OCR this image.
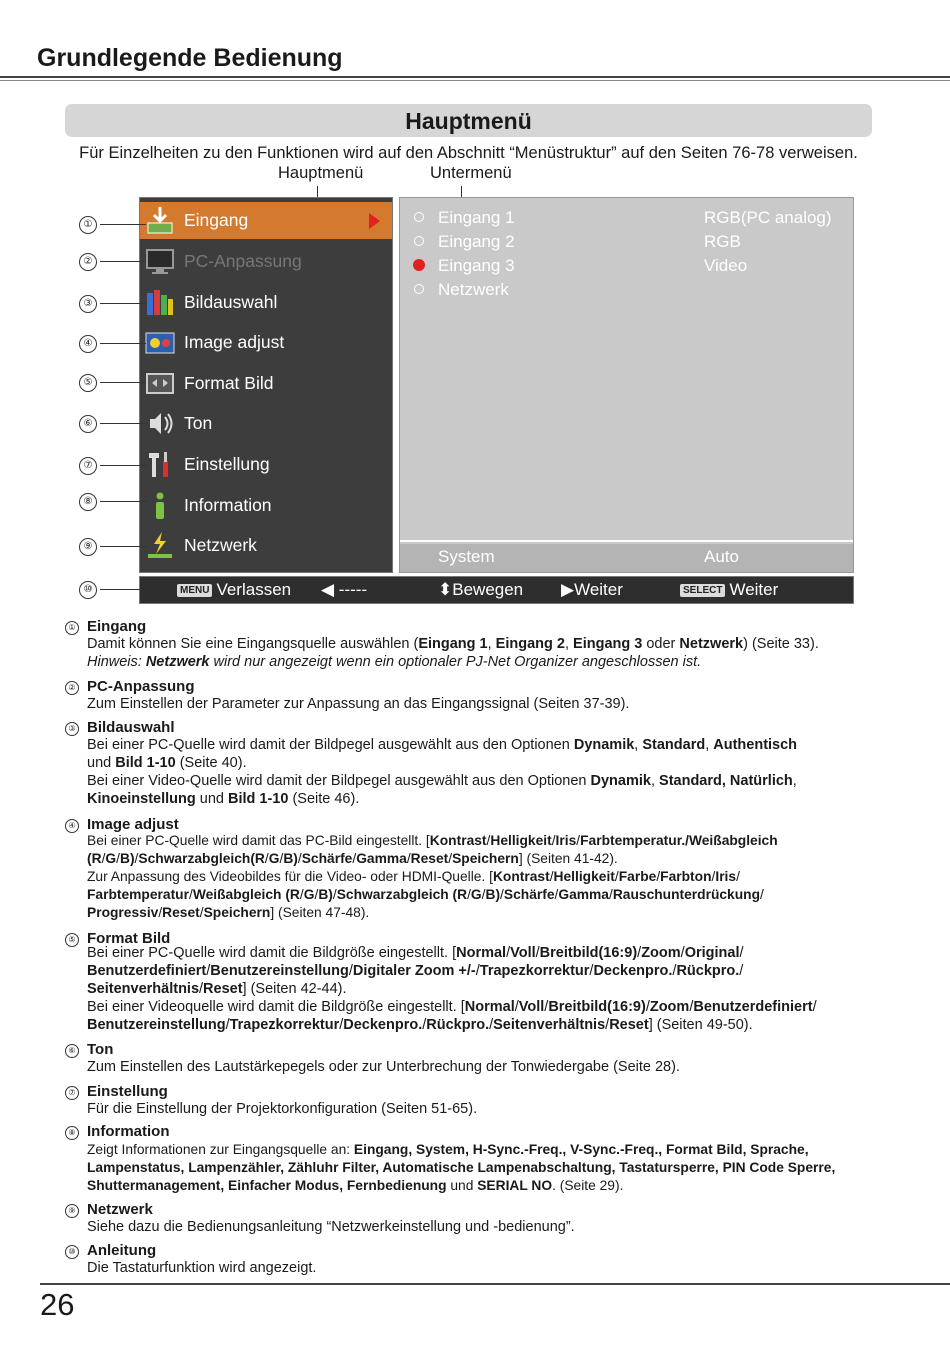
Grundlegende Bedienung
Hauptmenü
Für Einzelheiten zu den Funktionen wird auf den Abschnitt “Menüstruktur” auf den Seiten 76-78 verweisen.
Hauptmenü	Untermenü
Eingang
PC-Anpassung
Bildauswahl
Image adjust
Format Bild
Ton
Einstellung
Information
Netzwerk
Eingang 1	RGB(PC analog)
Eingang 2	RGB
Eingang 3	Video
Netzwerk
System	Auto
MENU Verlassen ◀ -----	⬍Bewegen ▶Weiter	SELECT Weiter
①
②
③
④
⑤
⑥
⑦
⑧
⑨
⑩
① Eingang
Damit können Sie eine Eingangsquelle auswählen (Eingang 1, Eingang 2, Eingang 3 oder Netzwerk) (Seite 33).
Hinweis: Netzwerk wird nur angezeigt wenn ein optionaler PJ-Net Organizer angeschlossen ist.
② PC-Anpassung
Zum Einstellen der Parameter zur Anpassung an das Eingangssignal (Seiten 37-39).
③ Bildauswahl
Bei einer PC-Quelle wird damit der Bildpegel ausgewählt aus den Optionen Dynamik, Standard, Authentisch
und Bild 1-10 (Seite 40).
Bei einer Video-Quelle wird damit der Bildpegel ausgewählt aus den Optionen Dynamik, Standard, Natürlich,
Kinoeinstellung und Bild 1-10 (Seite 46).
④ Image adjust
Bei einer PC-Quelle wird damit das PC-Bild eingestellt. [Kontrast/Helligkeit/Iris/Farbtemperatur./Weißabgleich
(R/G/B)/Schwarzabgleich(R/G/B)/Schärfe/Gamma/Reset/Speichern] (Seiten 41-42).
Zur Anpassung des Videobildes für die Video- oder HDMI-Quelle. [Kontrast/Helligkeit/Farbe/Farbton/Iris/
Farbtemperatur/Weißabgleich (R/G/B)/Schwarzabgleich (R/G/B)/Schärfe/Gamma/Rauschunterdrückung/
Progressiv/Reset/Speichern] (Seiten 47-48).
⑤ Format Bild
Bei einer PC-Quelle wird damit die Bildgröße eingestellt. [Normal/Voll/Breitbild(16:9)/Zoom/Original/
Benutzerdefiniert/Benutzereinstellung/Digitaler Zoom +/-/Trapezkorrektur/Deckenpro./Rückpro./
Seitenverhältnis/Reset] (Seiten 42-44).
Bei einer Videoquelle wird damit die Bildgröße eingestellt. [Normal/Voll/Breitbild(16:9)/Zoom/Benutzerdefiniert/
Benutzereinstellung/Trapezkorrektur/Deckenpro./Rückpro./Seitenverhältnis/Reset] (Seiten 49-50).
⑥ Ton
Zum Einstellen des Lautstärkepegels oder zur Unterbrechung der Tonwiedergabe (Seite 28).
⑦ Einstellung
Für die Einstellung der Projektorkonfiguration (Seiten 51-65).
⑧ Information
Zeigt Informationen zur Eingangsquelle an: Eingang, System, H-Sync.-Freq., V-Sync.-Freq., Format Bild, Sprache,
Lampenstatus, Lampenzähler, Zähluhr Filter, Automatische Lampenabschaltung, Tastatursperre, PIN Code Sperre,
Shuttermanagement, Einfacher Modus, Fernbedienung und SERIAL NO. (Seite 29).
⑨ Netzwerk
Siehe dazu die Bedienungsanleitung “Netzwerkeinstellung und -bedienung”.
⑩ Anleitung
Die Tastaturfunktion wird angezeigt.
26
